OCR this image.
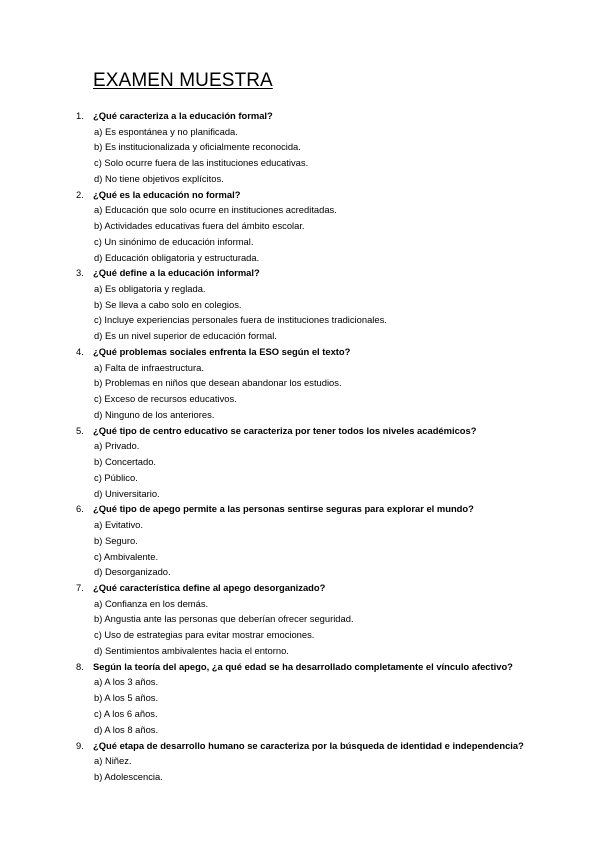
EXAMEN MUESTRA
1. ¿Qué caracteriza a la educación formal?
a) Es espontánea y no planificada.
b) Es institucionalizada y oficialmente reconocida.
c) Solo ocurre fuera de las instituciones educativas.
d) No tiene objetivos explícitos.
2. ¿Qué es la educación no formal?
a) Educación que solo ocurre en instituciones acreditadas.
b) Actividades educativas fuera del ámbito escolar.
c) Un sinónimo de educación informal.
d) Educación obligatoria y estructurada.
3. ¿Qué define a la educación informal?
a) Es obligatoria y reglada.
b) Se lleva a cabo solo en colegios.
c) Incluye experiencias personales fuera de instituciones tradicionales.
d) Es un nivel superior de educación formal.
4. ¿Qué problemas sociales enfrenta la ESO según el texto?
a) Falta de infraestructura.
b) Problemas en niños que desean abandonar los estudios.
c) Exceso de recursos educativos.
d) Ninguno de los anteriores.
5. ¿Qué tipo de centro educativo se caracteriza por tener todos los niveles académicos?
a) Privado.
b) Concertado.
c) Público.
d) Universitario.
6. ¿Qué tipo de apego permite a las personas sentirse seguras para explorar el mundo?
a) Evitativo.
b) Seguro.
c) Ambivalente.
d) Desorganizado.
7. ¿Qué característica define al apego desorganizado?
a) Confianza en los demás.
b) Angustia ante las personas que deberían ofrecer seguridad.
c) Uso de estrategias para evitar mostrar emociones.
d) Sentimientos ambivalentes hacia el entorno.
8. Según la teoría del apego, ¿a qué edad se ha desarrollado completamente el vínculo afectivo?
a) A los 3 años.
b) A los 5 años.
c) A los 6 años.
d) A los 8 años.
9. ¿Qué etapa de desarrollo humano se caracteriza por la búsqueda de identidad e independencia?
a) Niñez.
b) Adolescencia.
